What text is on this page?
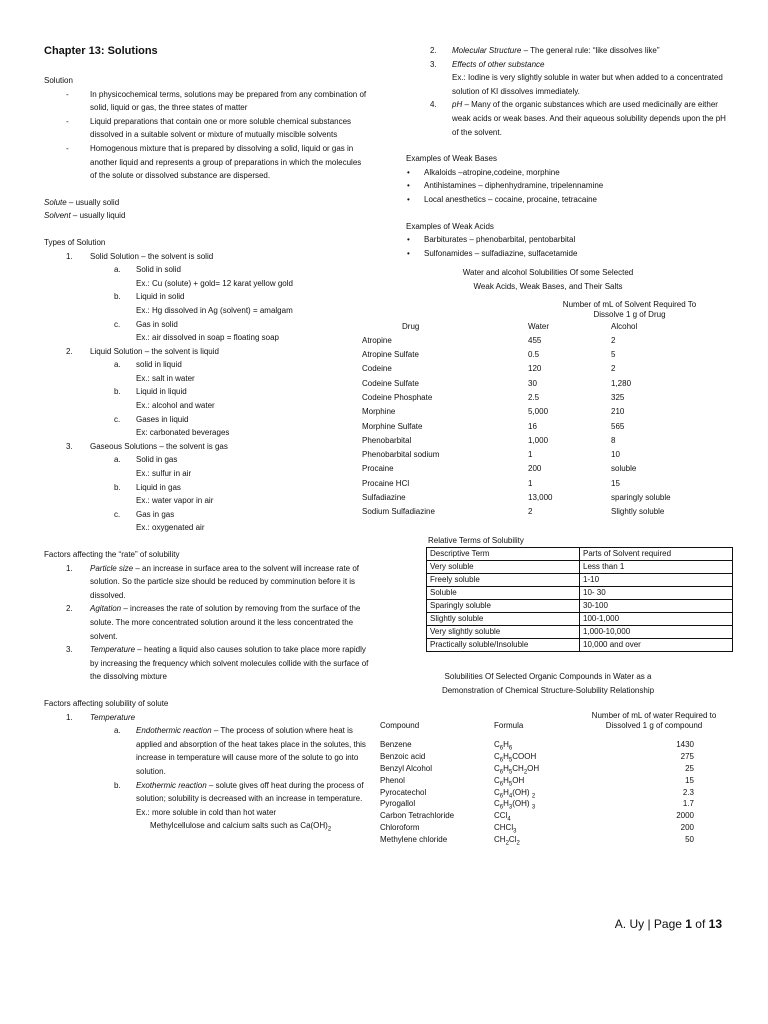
Chapter 13: Solutions
Solution
- In physicochemical terms, solutions may be prepared from any combination of solid, liquid or gas, the three states of matter
- Liquid preparations that contain one or more soluble chemical substances dissolved in a suitable solvent or mixture of mutually miscible solvents
- Homogenous mixture that is prepared by dissolving a solid, liquid or gas in another liquid and represents a group of preparations in which the molecules of the solute or dissolved substance are dispersed.
Solute – usually solid
Solvent – usually liquid
Types of Solution
1. Solid Solution – the solvent is solid
a. Solid in solid
Ex.: Cu (solute) + gold= 12 karat yellow gold
b. Liquid in solid
Ex.: Hg dissolved in Ag (solvent) = amalgam
c. Gas in solid
Ex.: air dissolved in soap = floating soap
2. Liquid Solution – the solvent is liquid
a. solid in liquid
Ex.: salt in water
b. Liquid in liquid
Ex.: alcohol and water
c. Gases in liquid
Ex: carbonated beverages
3. Gaseous Solutions – the solvent is gas
a. Solid in gas
Ex.: sulfur in air
b. Liquid in gas
Ex.: water vapor in air
c. Gas in gas
Ex.: oxygenated air
Factors affecting the “rate” of solubility
1. Particle size – an increase in surface area to the solvent will increase rate of solution. So the particle size should be reduced by comminution before it is dissolved.
2. Agitation – increases the rate of solution by removing from the surface of the solute. The more concentrated solution around it the less concentrated the solvent.
3. Temperature – heating a liquid also causes solution to take place more rapidly by increasing the frequency which solvent molecules collide with the surface of the dissolving mixture
Factors affecting solubility of solute
1. Temperature
a. Endothermic reaction – The process of solution where heat is applied and absorption of the heat takes place in the solutes, this increase in temperature will cause more of the solute to go into solution.
b. Exothermic reaction – solute gives off heat during the process of solution; solubility is decreased with an increase in temperature.
Ex.: more soluble in cold than hot water
Methylcellulose and calcium salts such as $Ca(OH)_2$
2. Molecular Structure – The general rule: “like dissolves like”
3. Effects of other substance
Ex.: Iodine is very slightly soluble in water but when added to a concentrated solution of KI dissolves immediately.
4. pH – Many of the organic substances which are used medicinally are either weak acids or weak bases. And their aqueous solubility depends upon the pH of the solvent.
Examples of Weak Bases
• Alkaloids –atropine,codeine, morphine
• Antihistamines – diphenhydramine, tripelennamine
• Local anesthetics – cocaine, procaine, tetracaine
Examples of Weak Acids
• Barbiturates – phenobarbital, pentobarbital
• Sulfonamides – sulfadiazine, sulfacetamide
Water and alcohol Solubilities Of some Selected
Weak Acids, Weak Bases, and Their Salts

	Number of mL of Solvent Required To
Dissolve 1 g of Drug	

Drug	Water	Alcohol
Atropine	455	2
Atropine Sulfate	0.5	5
Codeine	120	2
Codeine Sulfate	30	1,280
Codeine Phosphate	2.5	325
Morphine	5,000	210
Morphine Sulfate	16	565
Phenobarbital	1,000	8
Phenobarbital sodium	1	10
Procaine	200	soluble
Procaine HCl	1	15
Sulfadiazine	13,000	sparingly soluble
Sodium Sulfadiazine	2	Slightly soluble
Relative Terms of Solubility
Descriptive Term	Parts of Solvent required
Very soluble	Less than 1
Freely soluble	1-10
Soluble	10- 30
Sparingly soluble	30-100
Slightly soluble	100-1,000
Very slightly soluble	1,000-10,000
Practically soluble/Insoluble	10,000 and over
Solubilities Of Selected Organic Compounds in Water as a
Demonstration of Chemical Structure-Solubility Relationship
Compound	Formula	Number of mL of water Required to
Dissolved 1 g of compound

Benzene	$C_6H_6$	1430
Benzoic acid	$C_6H_5COOH$	275
Benzyl Alcohol	$C_6H_5CH_2OH$	25
Phenol	$C_6H_5OH$	15
Pyrocatechol	$C_6H_4(OH)$ $_2$	2.3
Pyrogallol	$C_6H_3(OH)$ $_3$	1.7
Carbon Tetrachloride	CCl$_4$	2000
Chloroform	CHCl$_3$	200
Methylene chloride	$CH_2Cl_2$	50
A. Uy | Page 1 of 13
